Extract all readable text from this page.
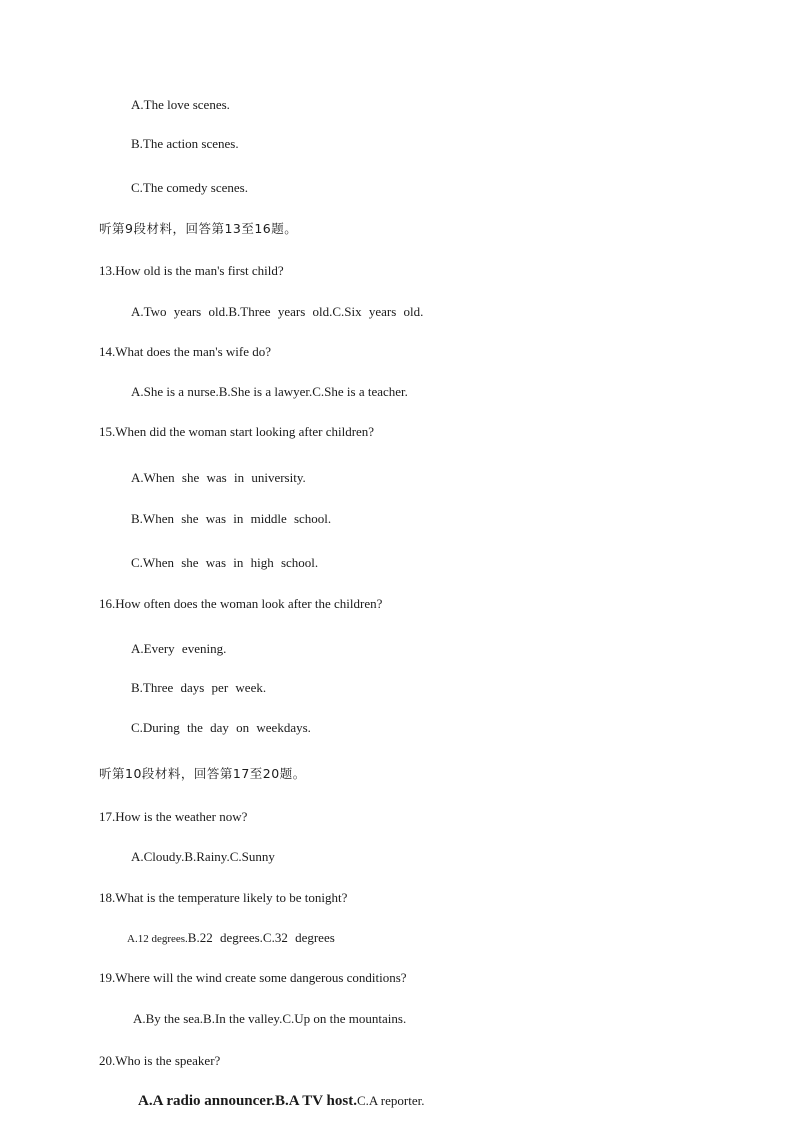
A.The love scenes.
B.The action scenes.
C.The comedy scenes.
听第9段材料，回答第13至16题。
13.How old is the man's first child?
A.Two years old.B.Three years old.C.Six years old.
14.What does the man's wife do?
A.She is a nurse.B.She is a lawyer.C.She is a teacher.
15.When did the woman start looking after children?
A.When she was in university.
B.When she was in middle school.
C.When she was in high school.
16.How often does the woman look after the children?
A.Every evening.
B.Three days per week.
C.During the day on weekdays.
听第10段材料，回答第17至20题。
17.How is the weather now?
A.Cloudy.B.Rainy.C.Sunny
18.What is the temperature likely to be tonight?
A.12 degrees.B.22 degrees.C.32 degrees
19.Where will the wind create some dangerous conditions?
A.By the sea.B.In the valley.C.Up on the mountains.
20.Who is the speaker?
A.A radio announcer.B.A TV host.C.A reporter.
